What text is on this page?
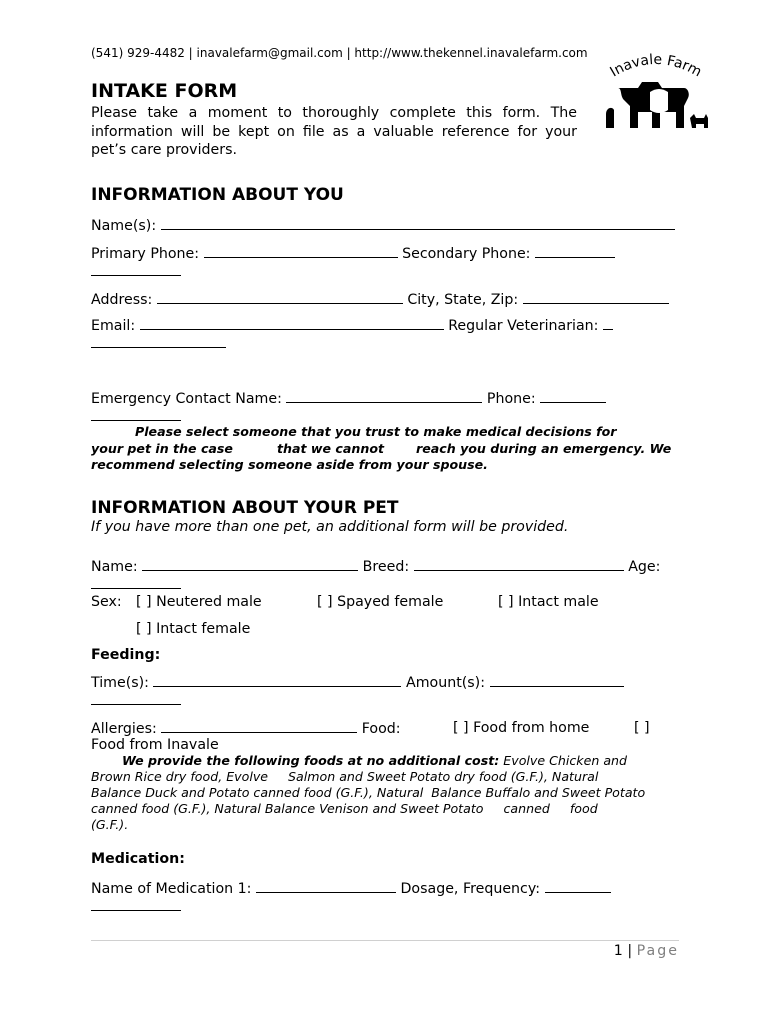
(541) 929-4482 | inavalefarm@gmail.com | http://www.thekennel.inavalefarm.com
Inavale Farm
INTAKE FORM
Please take a moment to thoroughly complete this form. The information will be kept on file as a valuable reference for your pet’s care providers.
INFORMATION ABOUT YOU
Name(s):
Primary Phone:	Secondary Phone:
Address:	City, State, Zip:
Email:	Regular Veterinarian:
Emergency Contact Name:	Phone:
Please select someone that you trust to make medical decisions for
your pet in the case	that we cannot	reach you during an emergency. We
recommend selecting someone aside from your spouse.
INFORMATION ABOUT YOUR PET
If you have more than one pet, an additional form will be provided.
Name:	Breed:	Age:
Sex: [ ] Neutered male	[ ] Spayed female	[ ] Intact male
[ ] Intact female
Feeding:
Time(s):	Amount(s):
Allergies:	Food:	[ ] Food from home	[ ]
Food from Inavale
We provide the following foods at no additional cost: Evolve Chicken and
Brown Rice dry food, Evolve     Salmon and Sweet Potato dry food (G.F.), Natural
Balance Duck and Potato canned food (G.F.), Natural  Balance Buffalo and Sweet Potato
canned food (G.F.), Natural Balance Venison and Sweet Potato     canned     food
(G.F.).
Medication:
Name of Medication 1:	Dosage, Frequency:
1 | Page
